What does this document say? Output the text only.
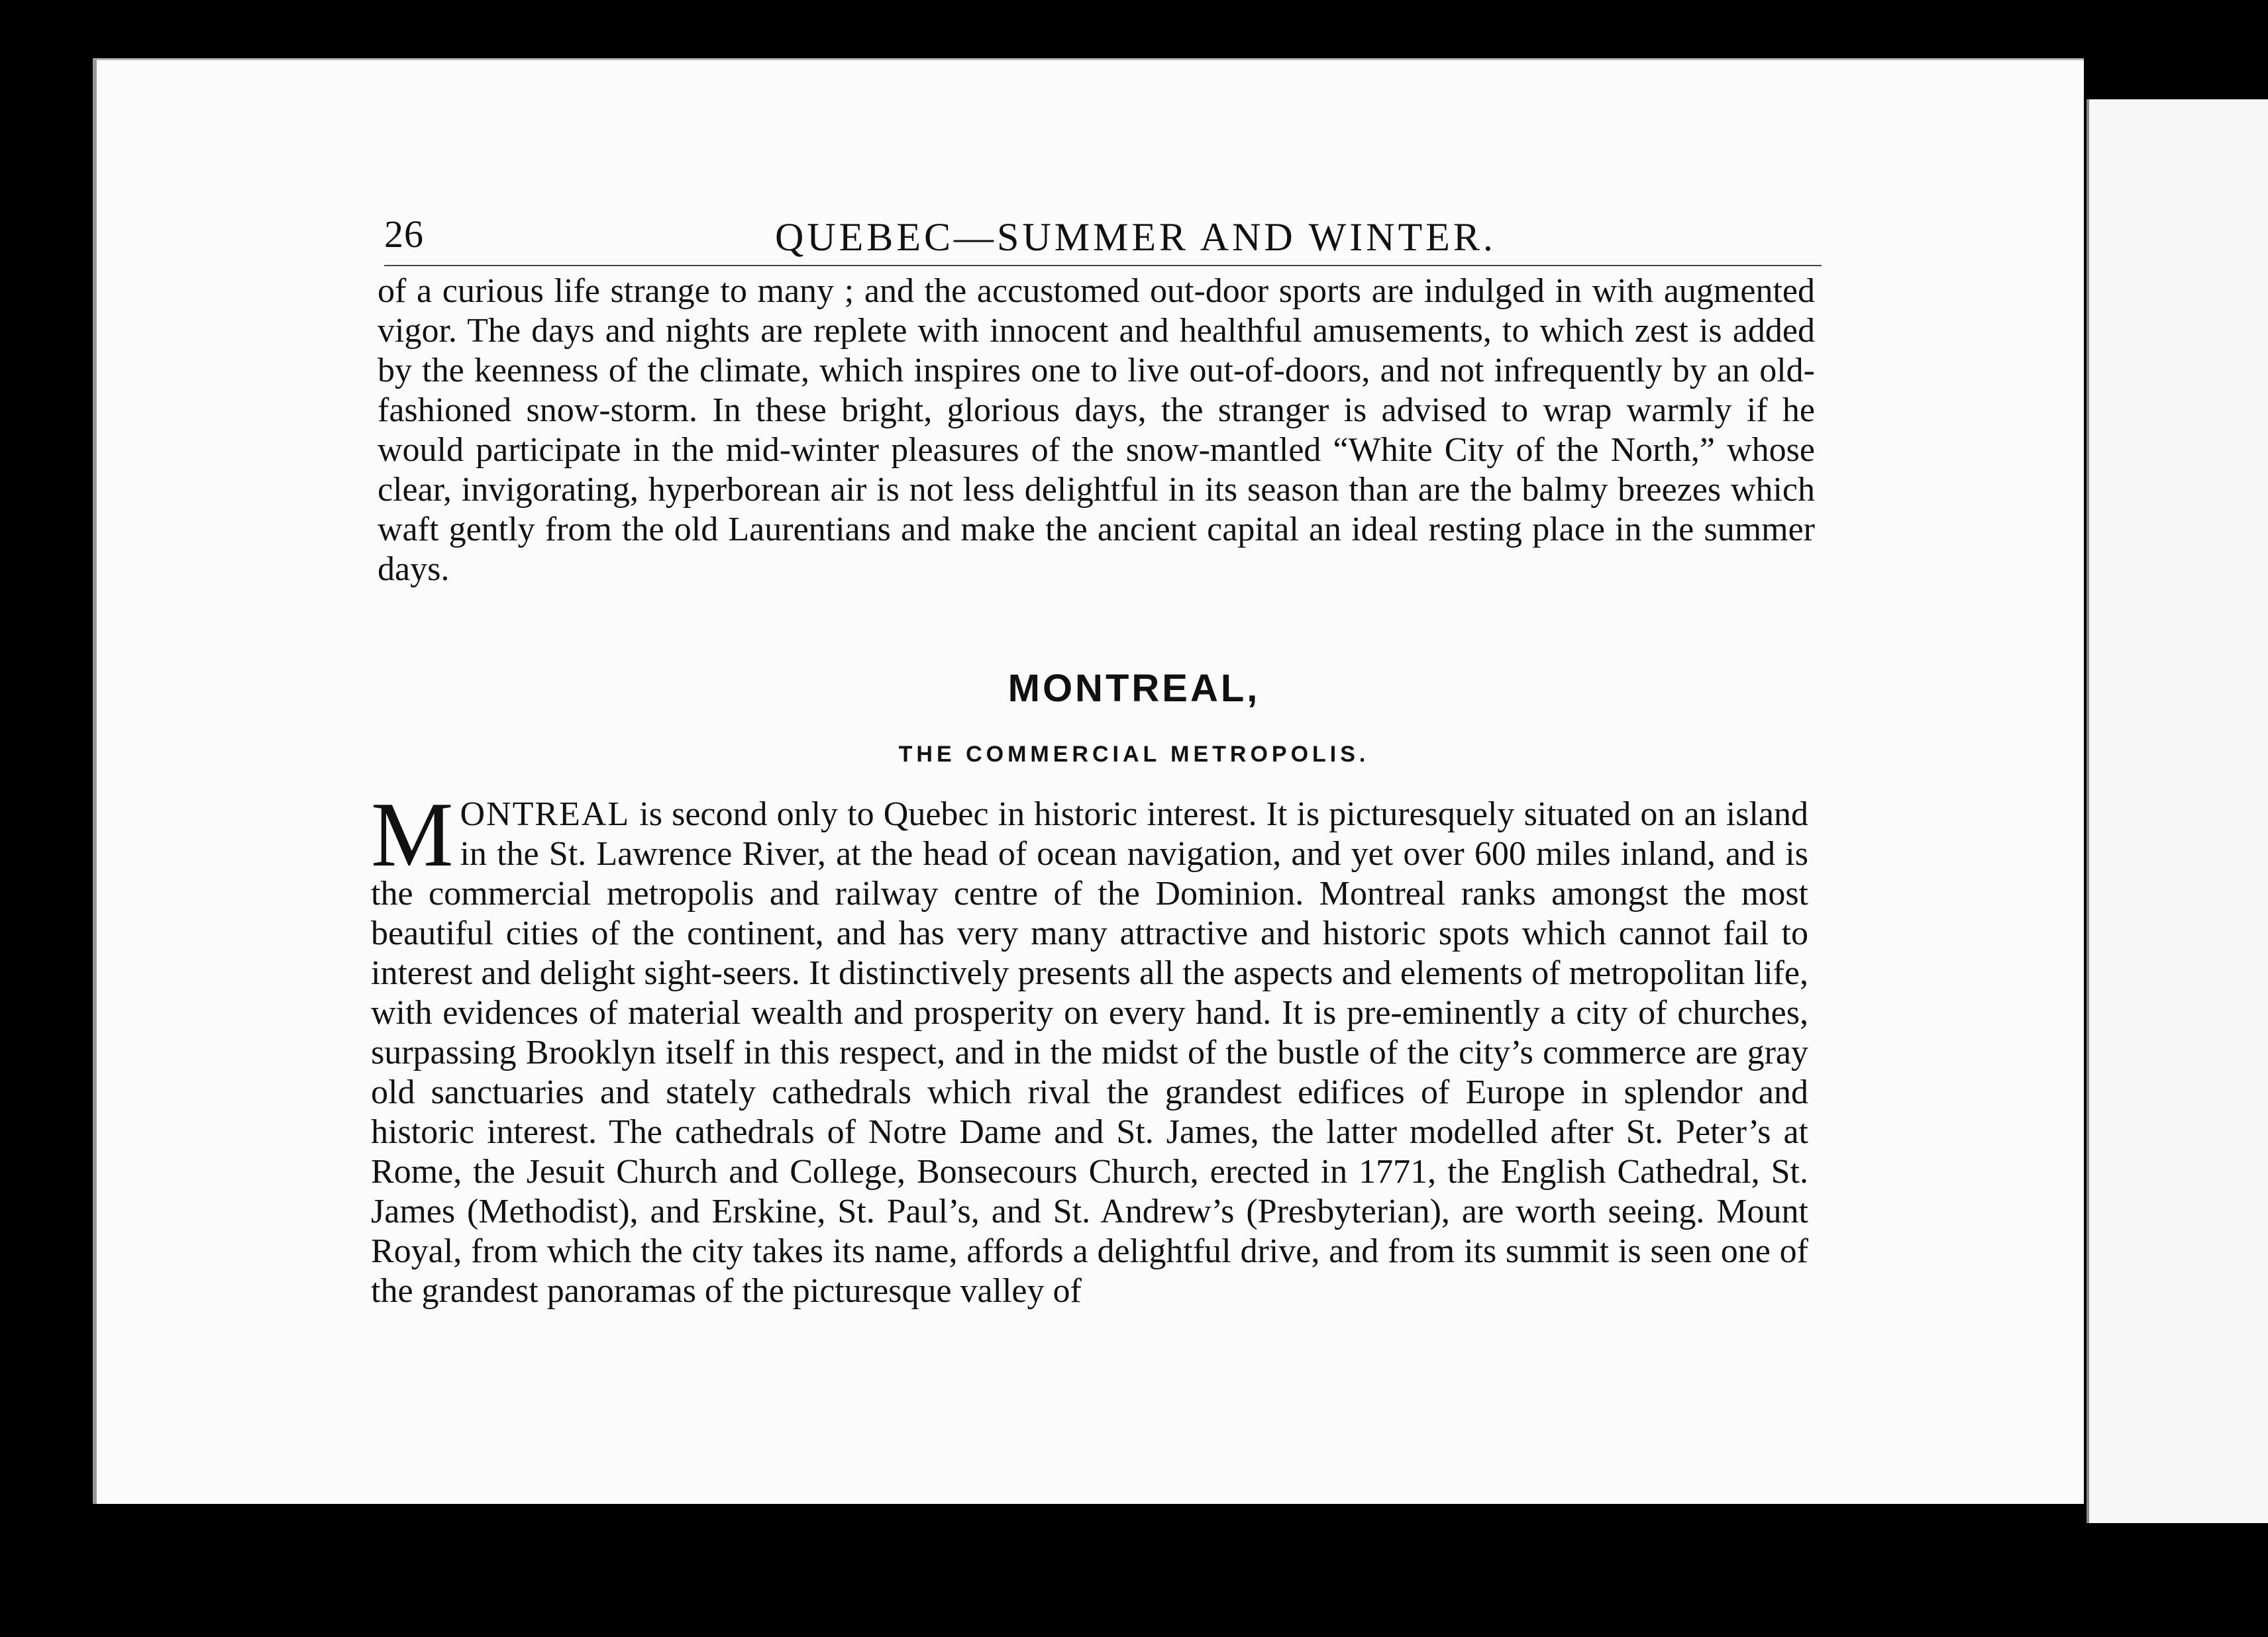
26	QUEBEC—SUMMER AND WINTER.

of a curious life strange to many ; and the accustomed out-door sports are indulged in with augmented vigor. The days and nights are replete with innocent and healthful amusements, to which zest is added by the keenness of the climate, which inspires one to live out-of-doors, and not infrequently by an old-fashioned snow-storm. In these bright, glorious days, the stranger is advised to wrap warmly if he would participate in the mid-winter pleasures of the snow-mantled “White City of the North,” whose clear, invigorating, hyperborean air is not less delightful in its season than are the balmy breezes which waft gently from the old Laurentians and make the ancient capital an ideal resting place in the summer days.

MONTREAL,
THE COMMERCIAL METROPOLIS.

MONTREAL is second only to Quebec in historic interest. It is picturesquely situated on an island in the St. Lawrence River, at the head of ocean navigation, and yet over 600 miles inland, and is the commercial metropolis and railway centre of the Dominion. Montreal ranks amongst the most beautiful cities of the continent, and has very many attractive and historic spots which cannot fail to interest and delight sight-seers. It distinctively presents all the aspects and elements of metropolitan life, with evidences of material wealth and prosperity on every hand. It is pre-eminently a city of churches, surpassing Brooklyn itself in this respect, and in the midst of the bustle of the city’s commerce are gray old sanctuaries and stately cathedrals which rival the grandest edifices of Europe in splendor and historic interest. The cathedrals of Notre Dame and St. James, the latter modelled after St. Peter’s at Rome, the Jesuit Church and College, Bonsecours Church, erected in 1771, the English Cathedral, St. James (Methodist), and Erskine, St. Paul’s, and St. Andrew’s (Presbyterian), are worth seeing. Mount Royal, from which the city takes its name, affords a delightful drive, and from its summit is seen one of the grandest panoramas of the picturesque valley of
